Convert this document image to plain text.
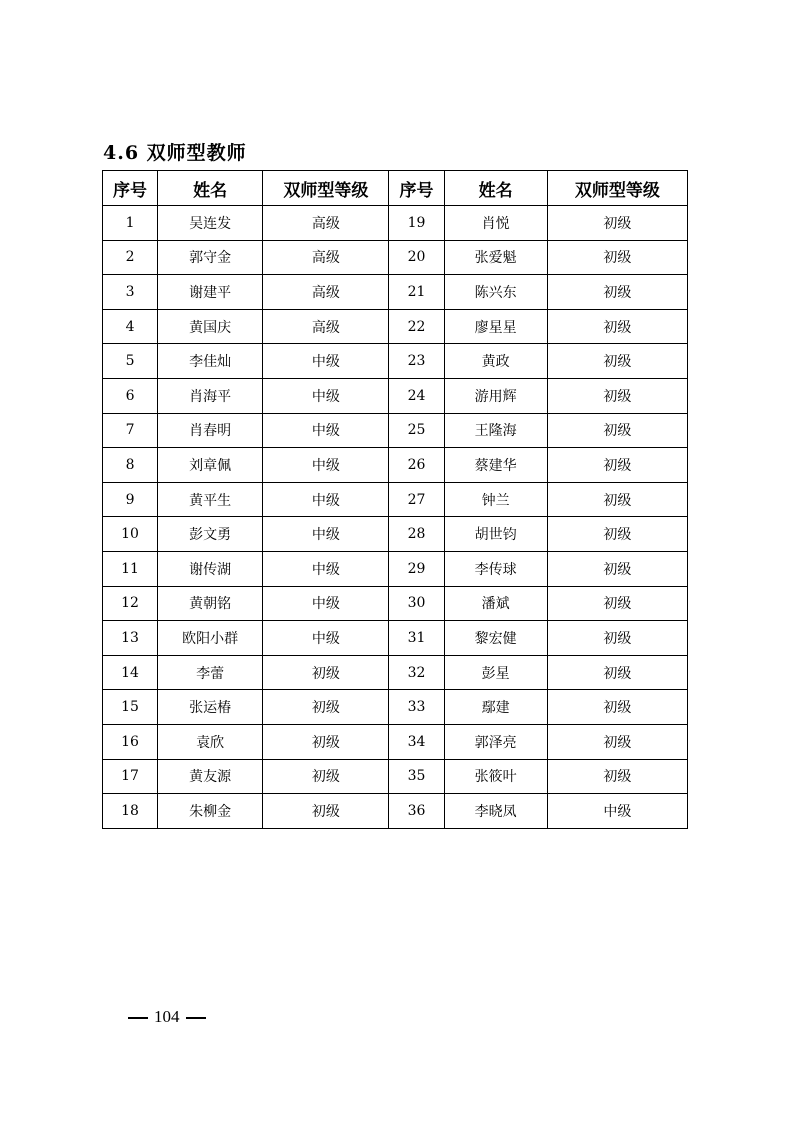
4.6 双师型教师
序号	姓名	双师型等级	序号	姓名	双师型等级
1	吴连发	高级	19	肖悦	初级
2	郭守金	高级	20	张爱魁	初级
3	谢建平	高级	21	陈兴东	初级
4	黄国庆	高级	22	廖星星	初级
5	李佳灿	中级	23	黄政	初级
6	肖海平	中级	24	游用辉	初级
7	肖春明	中级	25	王隆海	初级
8	刘章佩	中级	26	蔡建华	初级
9	黄平生	中级	27	钟兰	初级
10	彭文勇	中级	28	胡世钧	初级
11	谢传湖	中级	29	李传球	初级
12	黄朝铭	中级	30	潘斌	初级
13	欧阳小群	中级	31	黎宏健	初级
14	李蕾	初级	32	彭星	初级
15	张运椿	初级	33	鄢建	初级
16	袁欣	初级	34	郭泽亮	初级
17	黄友源	初级	35	张筱叶	初级
18	朱柳金	初级	36	李晓凤	中级
104
